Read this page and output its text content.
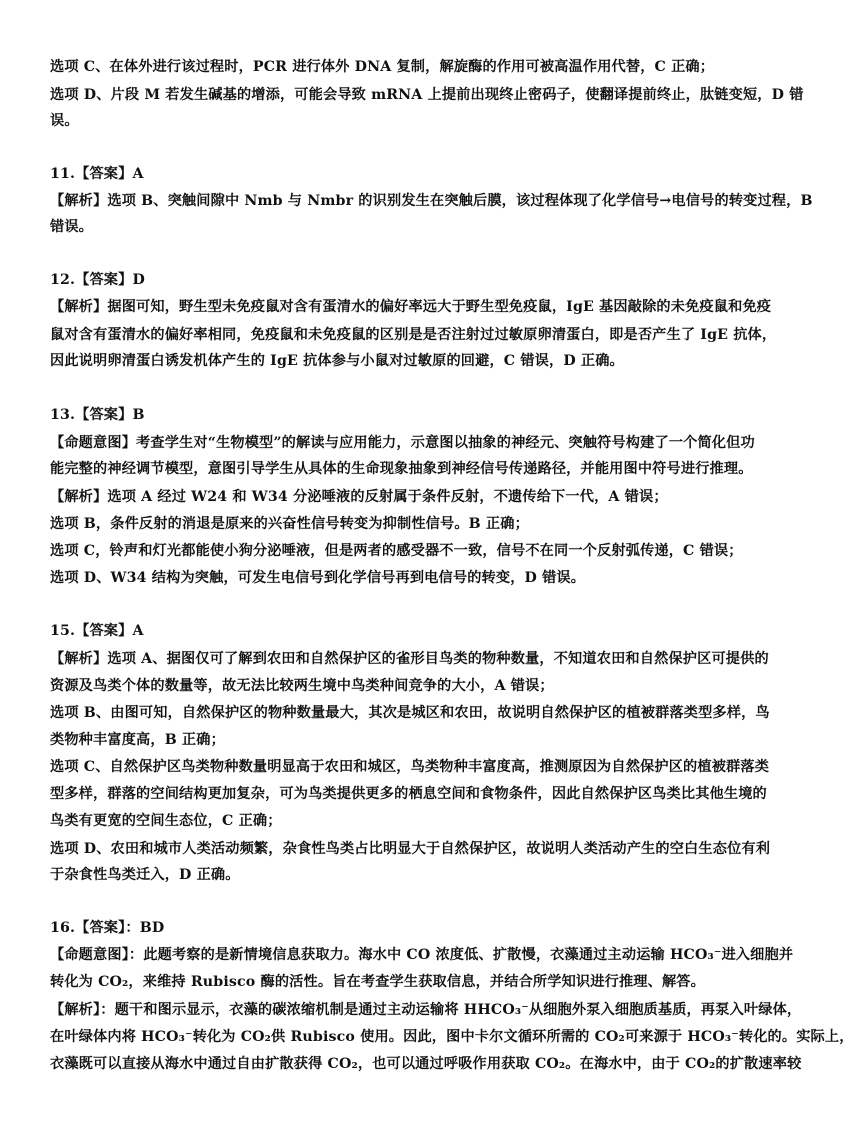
选项 C、在体外进行该过程时，PCR 进行体外 DNA 复制，解旋酶的作用可被高温作用代替，C 正确；
选项 D、片段 M 若发生碱基的增添，可能会导致 mRNA 上提前出现终止密码子，使翻译提前终止，肽链变短，D 错
误。
11.【答案】A
【解析】选项 B、突触间隙中 Nmb 与 Nmbr 的识别发生在突触后膜，该过程体现了化学信号→电信号的转变过程，B
错误。
12.【答案】D
【解析】据图可知，野生型未免疫鼠对含有蛋清水的偏好率远大于野生型免疫鼠，IgE 基因敲除的未免疫鼠和免疫
鼠对含有蛋清水的偏好率相同，免疫鼠和未免疫鼠的区别是是否注射过过敏原卵清蛋白，即是否产生了 IgE 抗体，
因此说明卵清蛋白诱发机体产生的 IgE 抗体参与小鼠对过敏原的回避，C 错误，D 正确。
13.【答案】B
【命题意图】考查学生对“生物模型”的解读与应用能力，示意图以抽象的神经元、突触符号构建了一个简化但功
能完整的神经调节模型，意图引导学生从具体的生命现象抽象到神经信号传递路径，并能用图中符号进行推理。
【解析】选项 A 经过 W24 和 W34 分泌唾液的反射属于条件反射，不遗传给下一代，A 错误；
选项 B，条件反射的消退是原来的兴奋性信号转变为抑制性信号。B 正确；
选项 C，铃声和灯光都能使小狗分泌唾液，但是两者的感受器不一致，信号不在同一个反射弧传递，C 错误；
选项 D、W34 结构为突触，可发生电信号到化学信号再到电信号的转变，D 错误。
15.【答案】A
【解析】选项 A、据图仅可了解到农田和自然保护区的雀形目鸟类的物种数量，不知道农田和自然保护区可提供的
资源及鸟类个体的数量等，故无法比较两生境中鸟类种间竞争的大小，A 错误；
选项 B、由图可知，自然保护区的物种数量最大，其次是城区和农田，故说明自然保护区的植被群落类型多样，鸟
类物种丰富度高，B 正确；
选项 C、自然保护区鸟类物种数量明显高于农田和城区，鸟类物种丰富度高，推测原因为自然保护区的植被群落类
型多样，群落的空间结构更加复杂，可为鸟类提供更多的栖息空间和食物条件，因此自然保护区鸟类比其他生境的
鸟类有更宽的空间生态位，C 正确；
选项 D、农田和城市人类活动频繁，杂食性鸟类占比明显大于自然保护区，故说明人类活动产生的空白生态位有利
于杂食性鸟类迁入，D 正确。
16.【答案】：BD
【命题意图】：此题考察的是新情境信息获取力。海水中 CO 浓度低、扩散慢，衣藻通过主动运输 HCO₃⁻进入细胞并
转化为 CO₂，来维持 Rubisco 酶的活性。旨在考查学生获取信息，并结合所学知识进行推理、解答。
【解析】：题干和图示显示，衣藻的碳浓缩机制是通过主动运输将 HHCO₃⁻从细胞外泵入细胞质基质，再泵入叶绿体，
在叶绿体内将 HCO₃⁻转化为 CO₂供 Rubisco 使用。因此，图中卡尔文循环所需的 CO₂可来源于 HCO₃⁻转化的。实际上，
衣藻既可以直接从海水中通过自由扩散获得 CO₂，也可以通过呼吸作用获取 CO₂。在海水中，由于 CO₂的扩散速率较
